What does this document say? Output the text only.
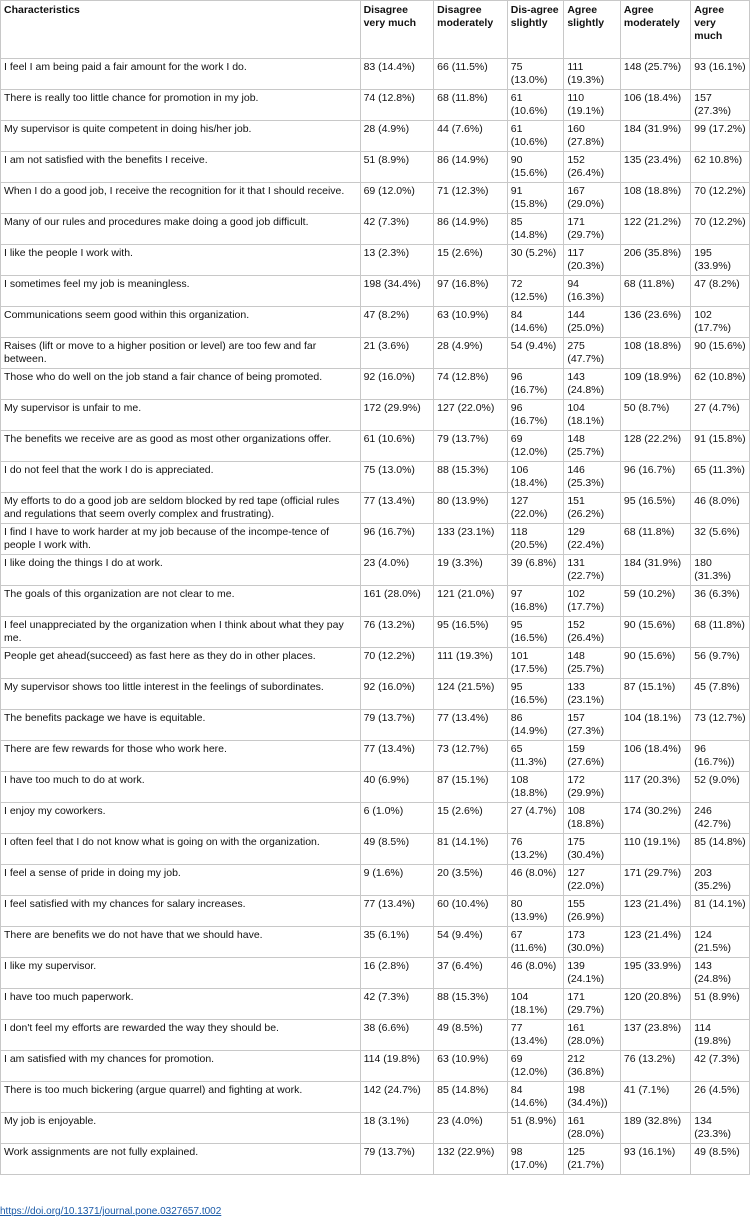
Characteristics	Disagree very much	Disagree moderately	Dis-agree slightly	Agree slightly	Agree moderately	Agree very much
I feel I am being paid a fair amount for the work I do.	83 (14.4%)	66 (11.5%)	75 (13.0%)	111 (19.3%)	148 (25.7%)	93 (16.1%)
There is really too little chance for promotion in my job.	74 (12.8%)	68 (11.8%)	61 (10.6%)	110 (19.1%)	106 (18.4%)	157 (27.3%)
My supervisor is quite competent in doing his/her job.	28 (4.9%)	44 (7.6%)	61 (10.6%)	160 (27.8%)	184 (31.9%)	99 (17.2%)
I am not satisfied with the benefits I receive.	51 (8.9%)	86 (14.9%)	90 (15.6%)	152 (26.4%)	135 (23.4%)	62 10.8%)
When I do a good job, I receive the recognition for it that I should receive.	69 (12.0%)	71 (12.3%)	91 (15.8%)	167 (29.0%)	108 (18.8%)	70 (12.2%)
Many of our rules and procedures make doing a good job difficult.	42 (7.3%)	86 (14.9%)	85 (14.8%)	171 (29.7%)	122 (21.2%)	70 (12.2%)
I like the people I work with.	13 (2.3%)	15 (2.6%)	30 (5.2%)	117 (20.3%)	206 (35.8%)	195 (33.9%)
I sometimes feel my job is meaningless.	198 (34.4%)	97 (16.8%)	72 (12.5%)	94 (16.3%)	68 (11.8%)	47 (8.2%)
Communications seem good within this organization.	47 (8.2%)	63 (10.9%)	84 (14.6%)	144 (25.0%)	136 (23.6%)	102 (17.7%)
Raises (lift or move to a higher position or level) are too few and far between.	21 (3.6%)	28 (4.9%)	54 (9.4%)	275 (47.7%)	108 (18.8%)	90 (15.6%)
Those who do well on the job stand a fair chance of being promoted.	92 (16.0%)	74 (12.8%)	96 (16.7%)	143 (24.8%)	109 (18.9%)	62 (10.8%)
My supervisor is unfair to me.	172 (29.9%)	127 (22.0%)	96 (16.7%)	104 (18.1%)	50 (8.7%)	27 (4.7%)
The benefits we receive are as good as most other organizations offer.	61 (10.6%)	79 (13.7%)	69 (12.0%)	148 (25.7%)	128 (22.2%)	91 (15.8%)
I do not feel that the work I do is appreciated.	75 (13.0%)	88 (15.3%)	106 (18.4%)	146 (25.3%)	96 (16.7%)	65 (11.3%)
My efforts to do a good job are seldom blocked by red tape (official rules and regulations that seem overly complex and frustrating).	77 (13.4%)	80 (13.9%)	127 (22.0%)	151 (26.2%)	95 (16.5%)	46 (8.0%)
I find I have to work harder at my job because of the incompe-tence of people I work with.	96 (16.7%)	133 (23.1%)	118 (20.5%)	129 (22.4%)	68 (11.8%)	32 (5.6%)
I like doing the things I do at work.	23 (4.0%)	19 (3.3%)	39 (6.8%)	131 (22.7%)	184 (31.9%)	180 (31.3%)
The goals of this organization are not clear to me.	161 (28.0%)	121 (21.0%)	97 (16.8%)	102 (17.7%)	59 (10.2%)	36 (6.3%)
I feel unappreciated by the organization when I think about what they pay me.	76 (13.2%)	95 (16.5%)	95 (16.5%)	152 (26.4%)	90 (15.6%)	68 (11.8%)
People get ahead(succeed) as fast here as they do in other places.	70 (12.2%)	111 (19.3%)	101 (17.5%)	148 (25.7%)	90 (15.6%)	56 (9.7%)
My supervisor shows too little interest in the feelings of subordinates.	92 (16.0%)	124 (21.5%)	95 (16.5%)	133 (23.1%)	87 (15.1%)	45 (7.8%)
The benefits package we have is equitable.	79 (13.7%)	77 (13.4%)	86 (14.9%)	157 (27.3%)	104 (18.1%)	73 (12.7%)
There are few rewards for those who work here.	77 (13.4%)	73 (12.7%)	65 (11.3%)	159 (27.6%)	106 (18.4%)	96 (16.7%))
I have too much to do at work.	40 (6.9%)	87 (15.1%)	108 (18.8%)	172 (29.9%)	117 (20.3%)	52 (9.0%)
I enjoy my coworkers.	6 (1.0%)	15 (2.6%)	27 (4.7%)	108 (18.8%)	174 (30.2%)	246 (42.7%)
I often feel that I do not know what is going on with the organization.	49 (8.5%)	81 (14.1%)	76 (13.2%)	175 (30.4%)	110 (19.1%)	85 (14.8%)
I feel a sense of pride in doing my job.	9 (1.6%)	20 (3.5%)	46 (8.0%)	127 (22.0%)	171 (29.7%)	203 (35.2%)
I feel satisfied with my chances for salary increases.	77 (13.4%)	60 (10.4%)	80 (13.9%)	155 (26.9%)	123 (21.4%)	81 (14.1%)
There are benefits we do not have that we should have.	35 (6.1%)	54 (9.4%)	67 (11.6%)	173 (30.0%)	123 (21.4%)	124 (21.5%)
I like my supervisor.	16 (2.8%)	37 (6.4%)	46 (8.0%)	139 (24.1%)	195 (33.9%)	143 (24.8%)
I have too much paperwork.	42 (7.3%)	88 (15.3%)	104 (18.1%)	171 (29.7%)	120 (20.8%)	51 (8.9%)
I don't feel my efforts are rewarded the way they should be.	38 (6.6%)	49 (8.5%)	77 (13.4%)	161 (28.0%)	137 (23.8%)	114 (19.8%)
I am satisfied with my chances for promotion.	114 (19.8%)	63 (10.9%)	69 (12.0%)	212 (36.8%)	76 (13.2%)	42 (7.3%)
There is too much bickering (argue quarrel) and fighting at work.	142 (24.7%)	85 (14.8%)	84 (14.6%)	198 (34.4%))	41 (7.1%)	26 (4.5%)
My job is enjoyable.	18 (3.1%)	23 (4.0%)	51 (8.9%)	161 (28.0%)	189 (32.8%)	134 (23.3%)
Work assignments are not fully explained.	79 (13.7%)	132 (22.9%)	98 (17.0%)	125 (21.7%)	93 (16.1%)	49 (8.5%)
https://doi.org/10.1371/journal.pone.0327657.t002
